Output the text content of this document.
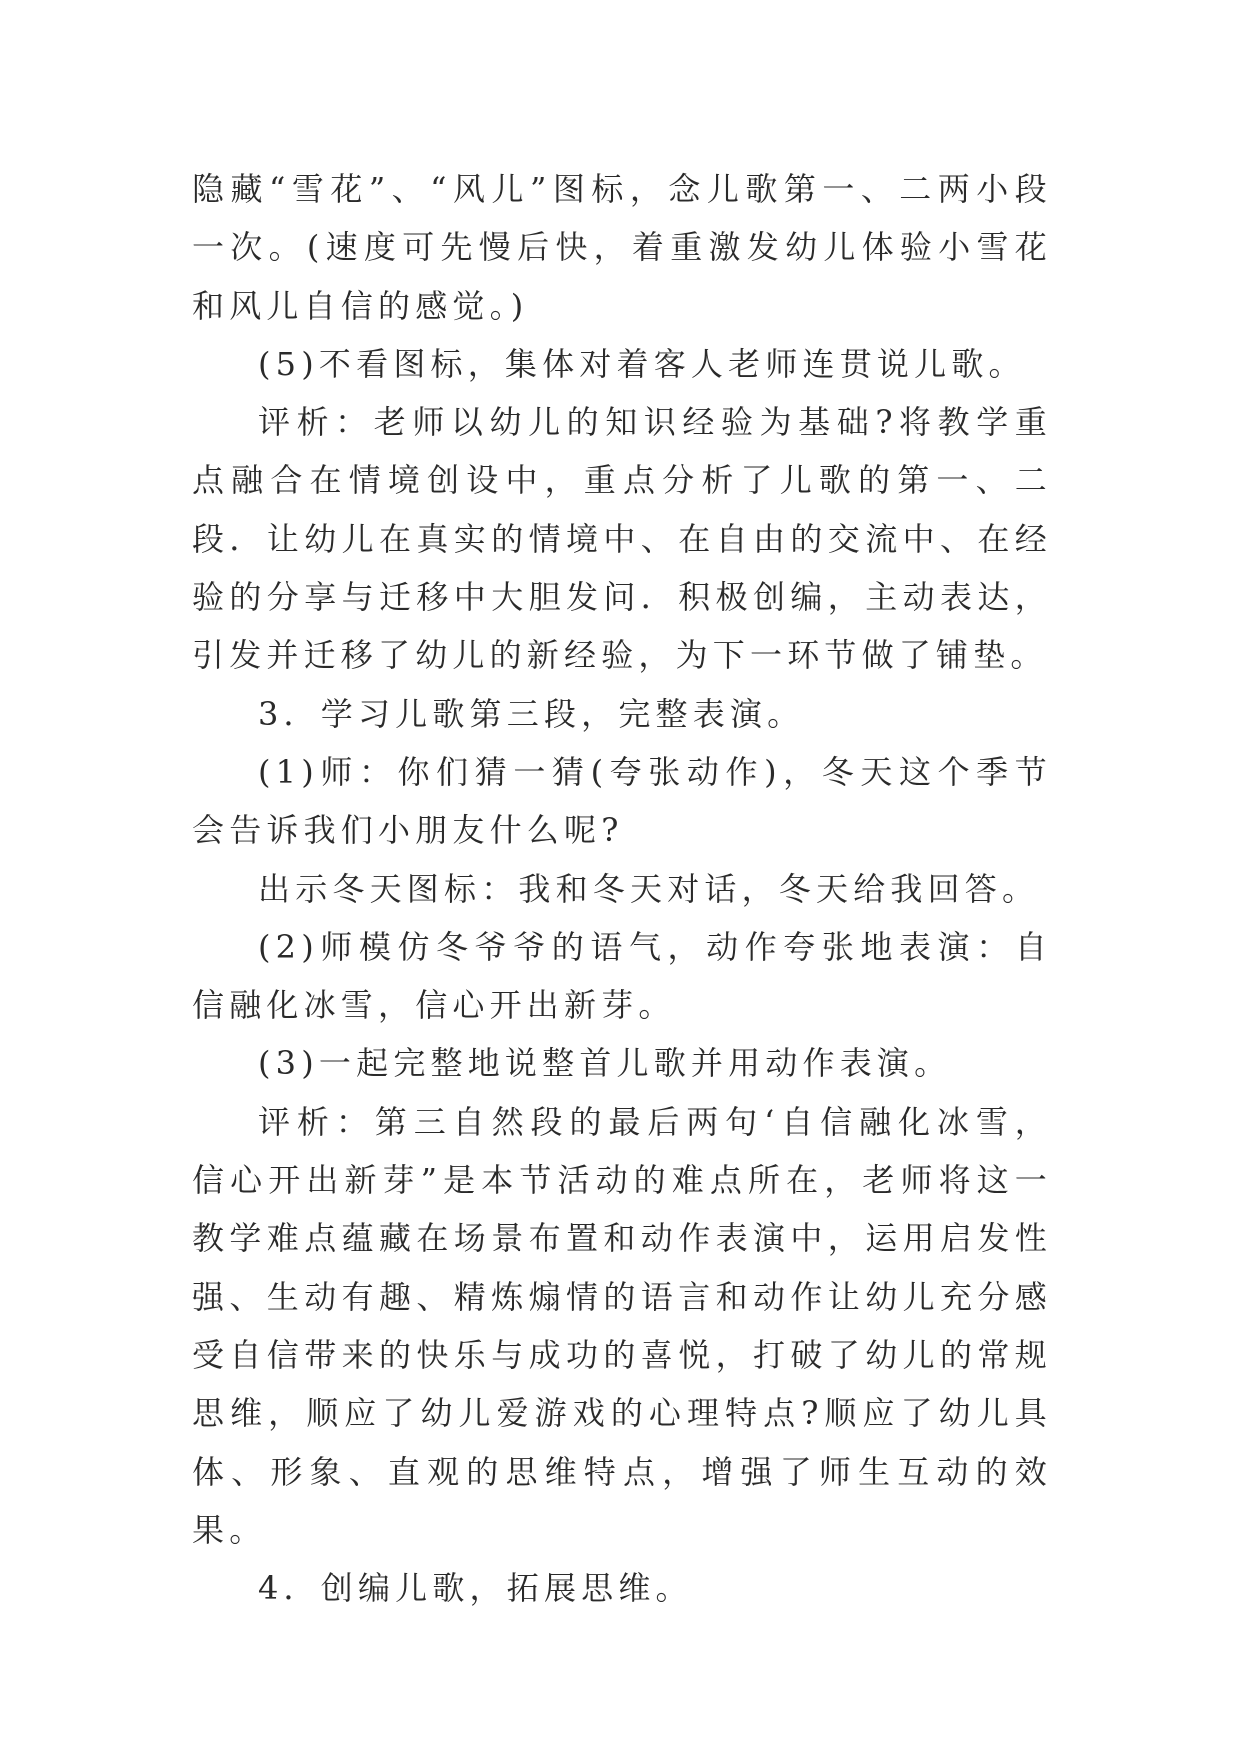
隐藏“雪花”、“风儿”图标，念儿歌第一、二两小段一次。(速度可先慢后快，着重激发幼儿体验小雪花和风儿自信的感觉。)

(5)不看图标，集体对着客人老师连贯说儿歌。

评析：老师以幼儿的知识经验为基础?将教学重点融合在情境创设中，重点分析了儿歌的第一、二段．让幼儿在真实的情境中、在自由的交流中、在经验的分享与迁移中大胆发问．积极创编，主动表达，引发并迁移了幼儿的新经验，为下一环节做了铺垫。

3．学习儿歌第三段，完整表演。

(1)师：你们猜一猜(夸张动作)，冬天这个季节会告诉我们小朋友什么呢?

出示冬天图标：我和冬天对话，冬天给我回答。

(2)师模仿冬爷爷的语气，动作夸张地表演：自信融化冰雪，信心开出新芽。

(3)一起完整地说整首儿歌并用动作表演。

评析：第三自然段的最后两句‘自信融化冰雪，信心开出新芽”是本节活动的难点所在，老师将这一教学难点蕴藏在场景布置和动作表演中，运用启发性强、生动有趣、精炼煽情的语言和动作让幼儿充分感受自信带来的快乐与成功的喜悦，打破了幼儿的常规思维，顺应了幼儿爱游戏的心理特点?顺应了幼儿具体、形象、直观的思维特点，增强了师生互动的效果。

4．创编儿歌，拓展思维。
